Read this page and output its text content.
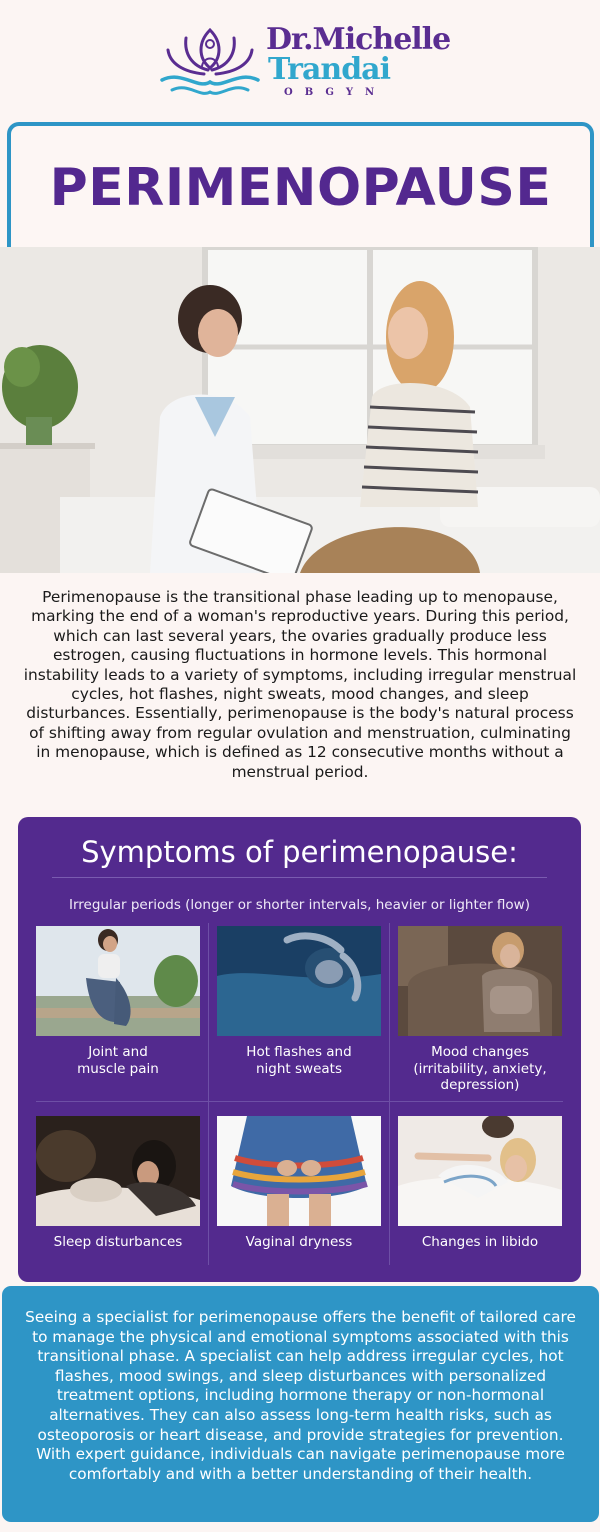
Dr.Michelle
Trandai
OBGYN
PERIMENOPAUSE

Perimenopause is the transitional phase leading up to menopause, marking the end of a woman's reproductive years. During this period, which can last several years, the ovaries gradually produce less estrogen, causing fluctuations in hormone levels. This hormonal instability leads to a variety of symptoms, including irregular menstrual cycles, hot flashes, night sweats, mood changes, and sleep disturbances. Essentially, perimenopause is the body's natural process of shifting away from regular ovulation and menstruation, culminating in menopause, which is defined as 12 consecutive months without a menstrual period.

Symptoms of perimenopause:
Irregular periods (longer or shorter intervals, heavier or lighter flow)
Joint and
muscle pain
Hot flashes and
night sweats
Mood changes
(irritability, anxiety,
depression)
Sleep disturbances	Vaginal dryness	Changes in libido

Seeing a specialist for perimenopause offers the benefit of tailored care to manage the physical and emotional symptoms associated with this transitional phase. A specialist can help address irregular cycles, hot flashes, mood swings, and sleep disturbances with personalized treatment options, including hormone therapy or non-hormonal alternatives. They can also assess long-term health risks, such as osteoporosis or heart disease, and provide strategies for prevention. With expert guidance, individuals can navigate perimenopause more comfortably and with a better understanding of their health.
